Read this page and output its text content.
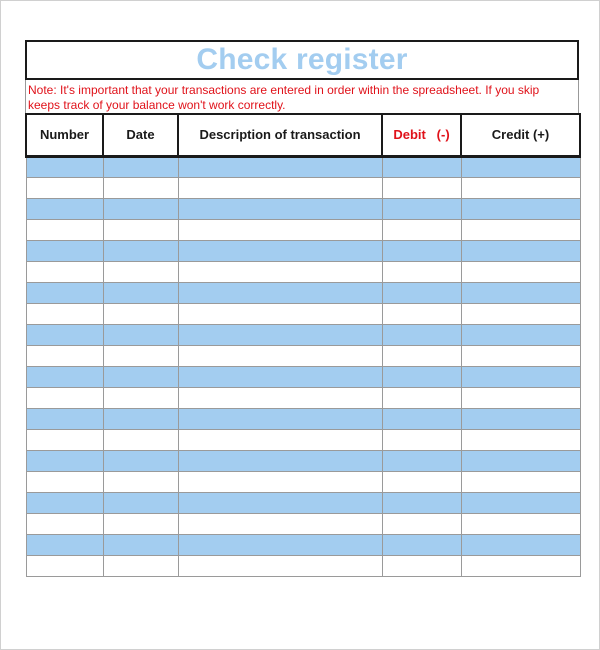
Check register

Note: It's important that your transactions are entered in order within the spreadsheet. If you skip

keeps track of your balance won't work correctly.

Number	Date	Description of transaction	Debit   (-)	Credit (+)
